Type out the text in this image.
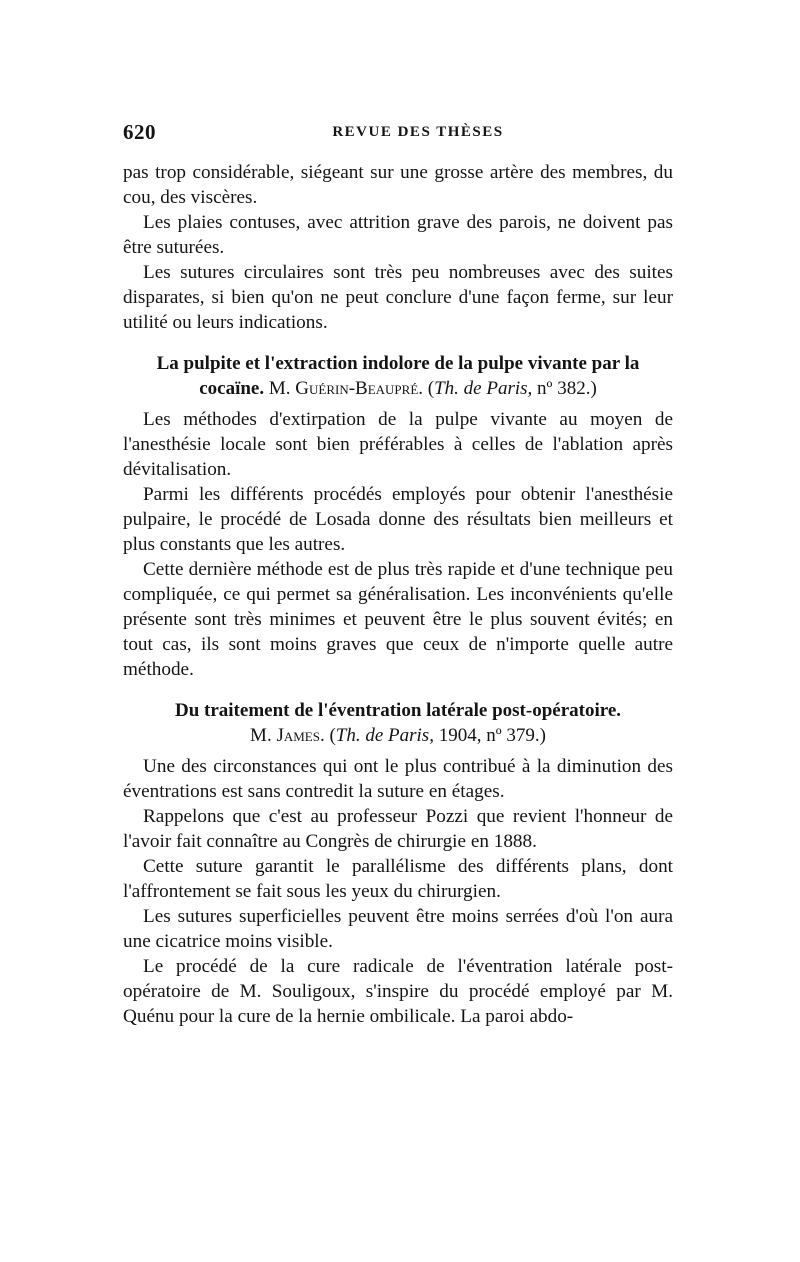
620	REVUE DES THÈSES

pas trop considérable, siégeant sur une grosse artère des membres, du cou, des viscères.

Les plaies contuses, avec attrition grave des parois, ne doivent pas être suturées.

Les sutures circulaires sont très peu nombreuses avec des suites disparates, si bien qu'on ne peut conclure d'une façon ferme, sur leur utilité ou leurs indications.

La pulpite et l'extraction indolore de la pulpe vivante par la cocaïne. M. Guérin-Beaupré. (Th. de Paris, nº 382.)

Les méthodes d'extirpation de la pulpe vivante au moyen de l'anesthésie locale sont bien préférables à celles de l'ablation après dévitalisation.

Parmi les différents procédés employés pour obtenir l'anesthésie pulpaire, le procédé de Losada donne des résultats bien meilleurs et plus constants que les autres.

Cette dernière méthode est de plus très rapide et d'une technique peu compliquée, ce qui permet sa généralisation. Les inconvénients qu'elle présente sont très minimes et peuvent être le plus souvent évités; en tout cas, ils sont moins graves que ceux de n'importe quelle autre méthode.

Du traitement de l'éventration latérale post-opératoire.
M. James. (Th. de Paris, 1904, nº 379.)

Une des circonstances qui ont le plus contribué à la diminution des éventrations est sans contredit la suture en étages.

Rappelons que c'est au professeur Pozzi que revient l'honneur de l'avoir fait connaître au Congrès de chirurgie en 1888.

Cette suture garantit le parallélisme des différents plans, dont l'affrontement se fait sous les yeux du chirurgien.

Les sutures superficielles peuvent être moins serrées d'où l'on aura une cicatrice moins visible.

Le procédé de la cure radicale de l'éventration latérale post-opératoire de M. Souligoux, s'inspire du procédé employé par M. Quénu pour la cure de la hernie ombilicale. La paroi abdo-
